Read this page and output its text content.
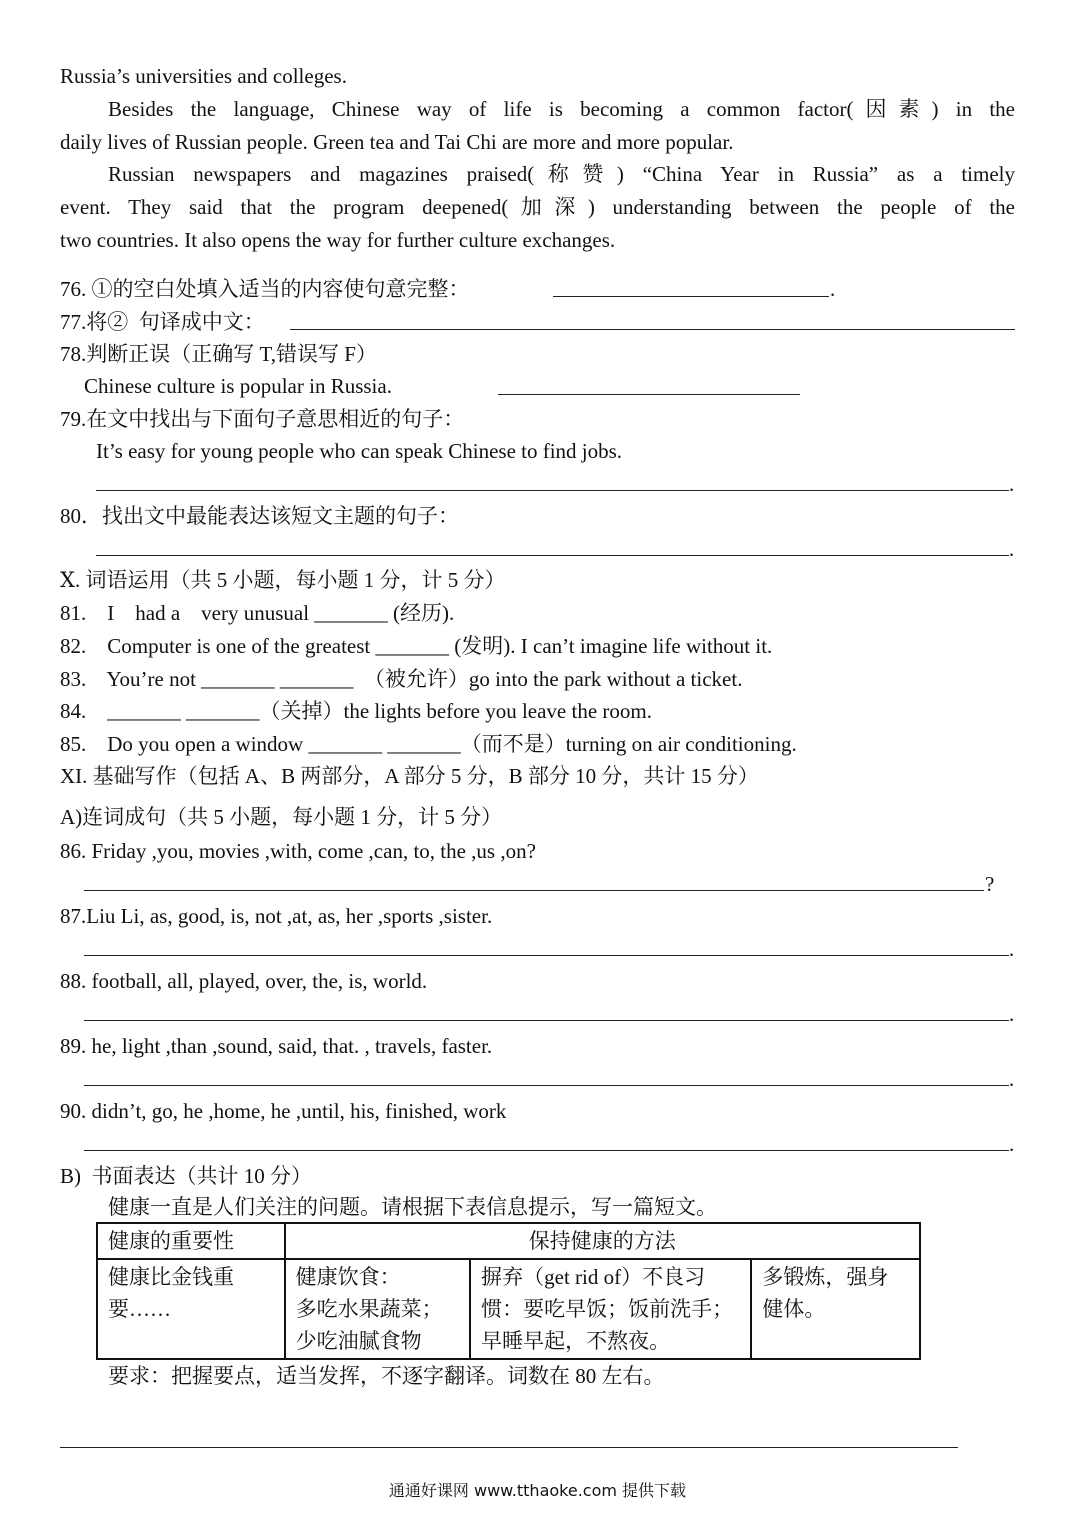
Russia’s universities and colleges.
Besides the language, Chinese way of life is becoming a common factor(因素) in the
daily lives of Russian people. Green tea and Tai Chi are more and more popular.
Russian newspapers and magazines praised(称赞) “China Year in Russia” as a timely
event. They said that the program deepened(加深) understanding between the people of the
two countries. It also opens the way for further culture exchanges.
76. ①的空白处填入适当的内容使句意完整：	.
77.将②  句译成中文：
78.判断正误（正确写 T,错误写 F）
Chinese culture is popular in Russia.
79.在文中找出与下面句子意思相近的句子：
It’s easy for young people who can speak Chinese to find jobs.
.
80．找出文中最能表达该短文主题的句子：
.
Ⅹ. 词语运用（共 5 小题，每小题 1 分，计 5 分）
81.    I    had a    very unusual _______ (经历).
82.    Computer is one of the greatest _______ (发明). I can’t imagine life without it.
83.    You’re not _______ _______  （被允许）go into the park without a ticket.
84.    _______ _______（关掉）the lights before you leave the room.
85.    Do you open a window _______ _______（而不是）turning on air conditioning.
XI. 基础写作（包括 A、B 两部分，A 部分 5 分，B 部分 10 分，共计 15 分）
A)连词成句（共 5 小题，每小题 1 分，计 5 分）
86. Friday ,you, movies ,with, come ,can, to, the ,us ,on?
?
87.Liu Li, as, good, is, not ,at, as, her ,sports ,sister.
.
88. football, all, played, over, the, is, world.
.
89. he, light ,than ,sound, said, that. , travels, faster.
.
90. didn’t, go, he ,home, he ,until, his, finished, work
.
B)  书面表达（共计 10 分）
健康一直是人们关注的问题。请根据下表信息提示，写一篇短文。
健康的重要性	保持健康的方法		
健康比金钱重要……	健康饮食：
多吃水果蔬菜；
少吃油腻食物	摒弃（get rid of）不良习惯：要吃早饭；饭前洗手；早睡早起，不熬夜。	多锻炼，强身健体。
要求：把握要点，适当发挥，不逐字翻译。词数在 80 左右。
通通好课网 www.tthaoke.com 提供下载
